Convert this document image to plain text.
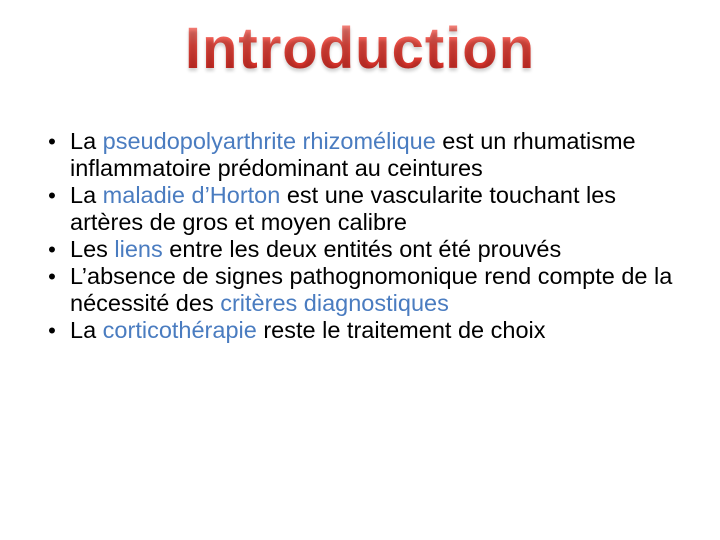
Introduction
• La pseudopolyarthrite rhizomélique est un rhumatisme inflammatoire prédominant au ceintures
• La maladie d’Horton est une vascularite touchant les artères de gros et moyen calibre
• Les liens entre les deux entités ont été prouvés
• L’absence de signes pathognomonique rend compte de la nécessité des critères diagnostiques
• La corticothérapie reste le traitement de choix
